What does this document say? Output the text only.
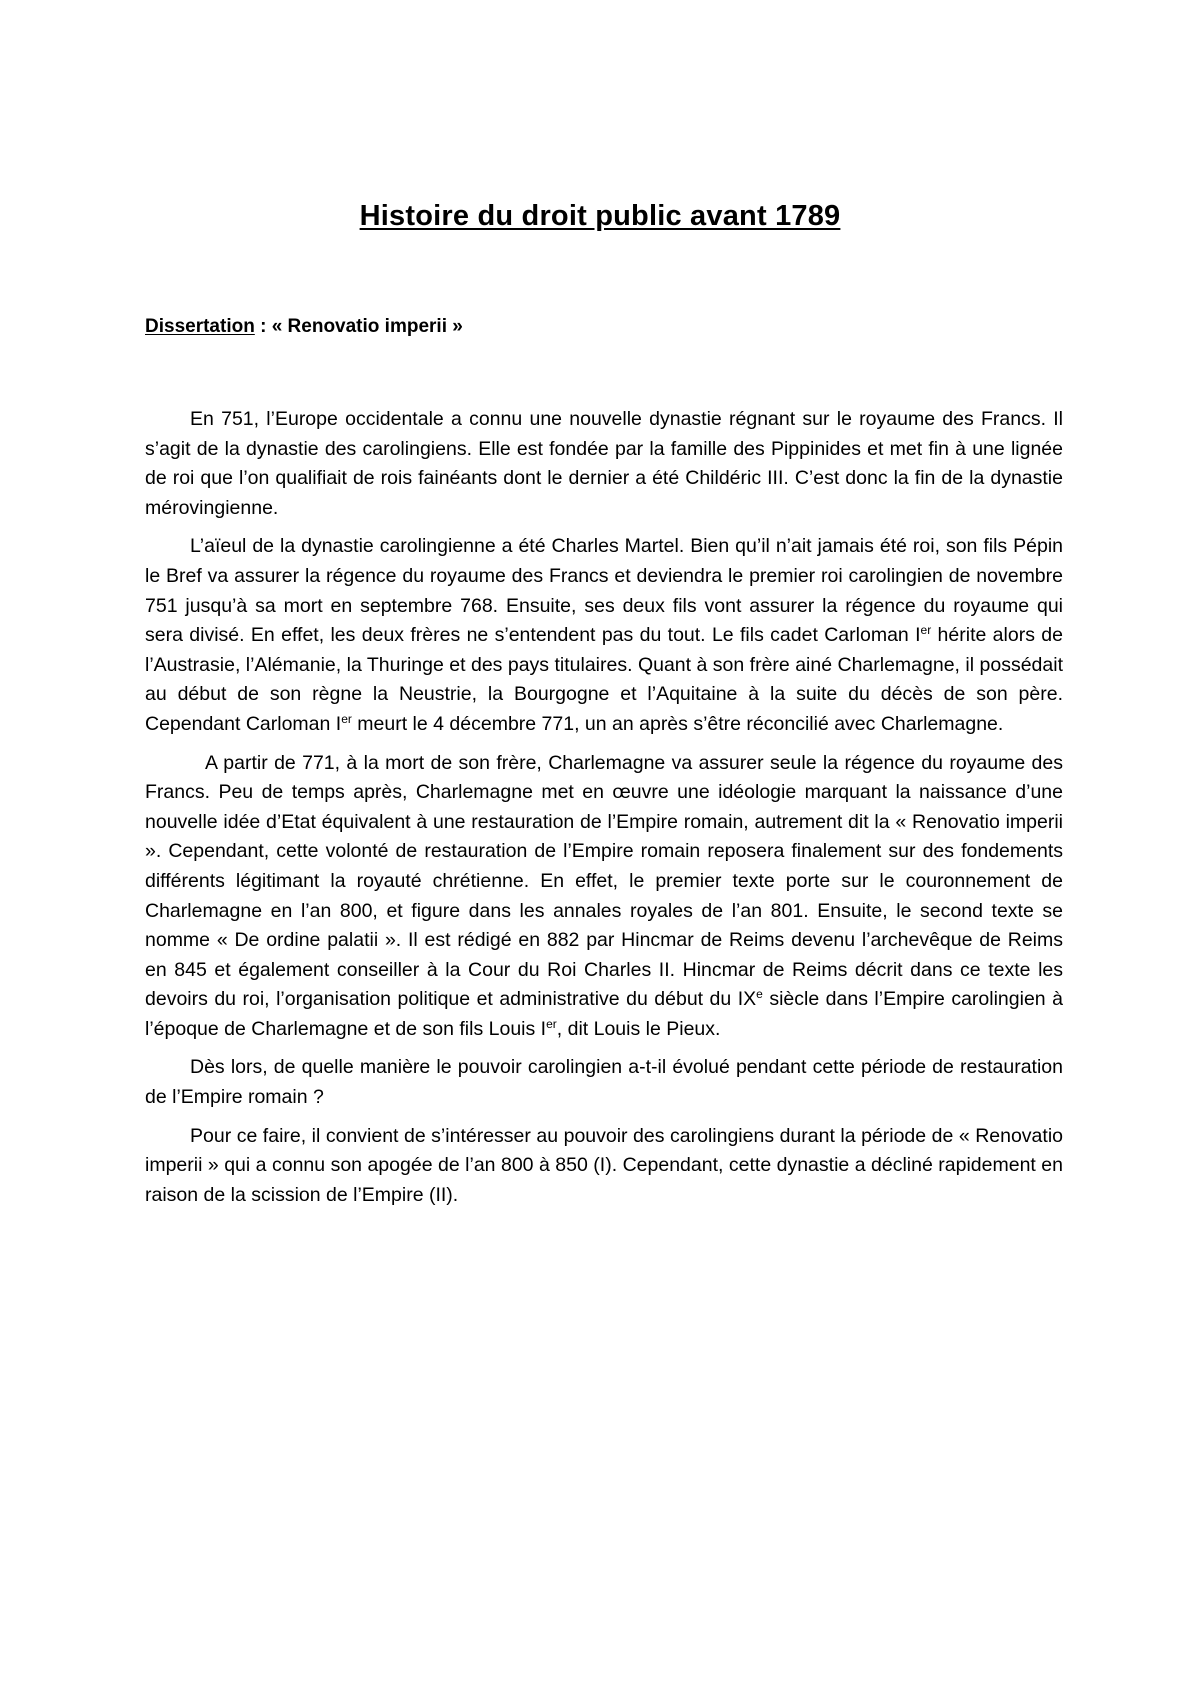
Histoire du droit public avant 1789
Dissertation : « Renovatio imperii »

En 751, l’Europe occidentale a connu une nouvelle dynastie régnant sur le royaume des Francs. Il s’agit de la dynastie des carolingiens. Elle est fondée par la famille des Pippinides et met fin à une lignée de roi que l’on qualifiait de rois fainéants dont le dernier a été Childéric III. C’est donc la fin de la dynastie mérovingienne.

L’aïeul de la dynastie carolingienne a été Charles Martel. Bien qu’il n’ait jamais été roi, son fils Pépin le Bref va assurer la régence du royaume des Francs et deviendra le premier roi carolingien de novembre 751 jusqu’à sa mort en septembre 768. Ensuite, ses deux fils vont assurer la régence du royaume qui sera divisé. En effet, les deux frères ne s’entendent pas du tout. Le fils cadet Carloman Ier hérite alors de l’Austrasie, l’Alémanie, la Thuringe et des pays titulaires. Quant à son frère ainé Charlemagne, il possédait au début de son règne la Neustrie, la Bourgogne et l’Aquitaine à la suite du décès de son père. Cependant Carloman Ier meurt le 4 décembre 771, un an après s’être réconcilié avec Charlemagne.

A partir de 771, à la mort de son frère, Charlemagne va assurer seule la régence du royaume des Francs. Peu de temps après, Charlemagne met en œuvre une idéologie marquant la naissance d’une nouvelle idée d’Etat équivalent à une restauration de l’Empire romain, autrement dit la « Renovatio imperii ». Cependant, cette volonté de restauration de l’Empire romain reposera finalement sur des fondements différents légitimant la royauté chrétienne. En effet, le premier texte porte sur le couronnement de Charlemagne en l’an 800, et figure dans les annales royales de l’an 801. Ensuite, le second texte se nomme « De ordine palatii ». Il est rédigé en 882 par Hincmar de Reims devenu l’archevêque de Reims en 845 et également conseiller à la Cour du Roi Charles II. Hincmar de Reims décrit dans ce texte les devoirs du roi, l’organisation politique et administrative du début du IXe siècle dans l’Empire carolingien à l’époque de Charlemagne et de son fils Louis Ier, dit Louis le Pieux.

Dès lors, de quelle manière le pouvoir carolingien a-t-il évolué pendant cette période de restauration de l’Empire romain ?

Pour ce faire, il convient de s’intéresser au pouvoir des carolingiens durant la période de « Renovatio imperii » qui a connu son apogée de l’an 800 à 850 (I). Cependant, cette dynastie a décliné rapidement en raison de la scission de l’Empire (II).
